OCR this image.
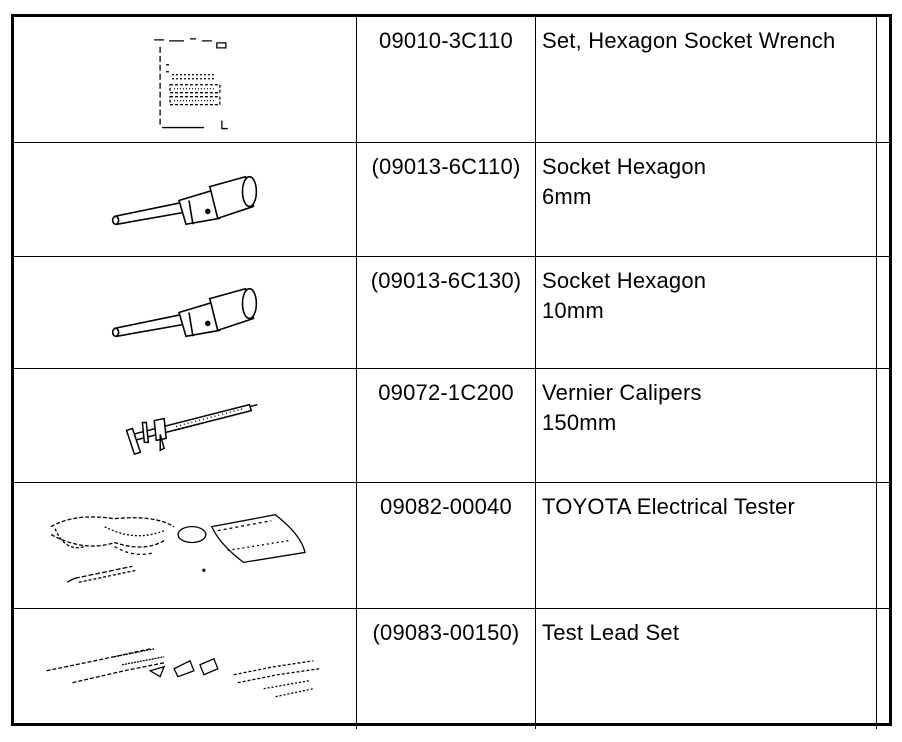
09010-3C110	Set, Hexagon Socket Wrench	

(09013-6C110)	Socket Hexagon
6mm	

(09013-6C130)	Socket Hexagon
10mm	

09072-1C200	Vernier Calipers
150mm	

09082-00040	TOYOTA Electrical Tester	

(09083-00150)	Test Lead Set	
